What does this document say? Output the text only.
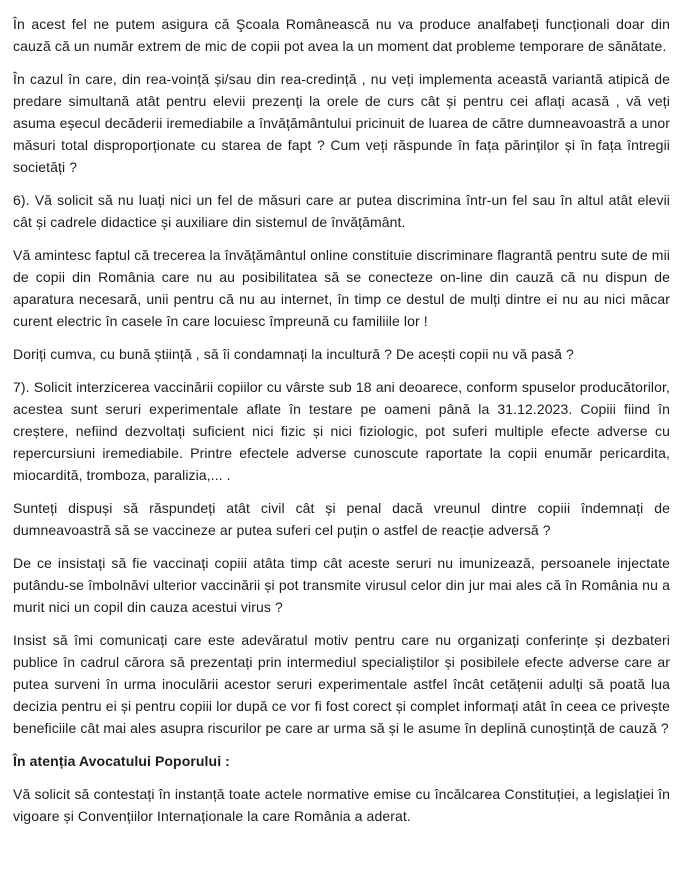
În acest fel ne putem asigura că Şcoala Românească nu va produce analfabeți funcționali doar din cauză că un număr extrem de mic de copii pot avea la un moment dat probleme temporare de sănătate.

În cazul în care, din rea-voință și/sau din rea-credință , nu veți implementa această variantă atipică de predare simultană atât pentru elevii prezenți la orele de curs cât și pentru cei aflați acasă , vă veți asuma eșecul decăderii iremediabile a învățământului pricinuit de luarea de către dumneavoastră a unor măsuri total disproporționate cu starea de fapt ? Cum veți răspunde în fața părinților și în fața întregii societăți ?

6). Vă solicit să nu luați nici un fel de măsuri care ar putea discrimina într-un fel sau în altul atât elevii cât și cadrele didactice și auxiliare din sistemul de învățământ.

Vă amintesc faptul că trecerea la învățământul online constituie discriminare flagrantă pentru sute de mii de copii din România care nu au posibilitatea să se conecteze on-line din cauză că nu dispun de aparatura necesară, unii pentru că nu au internet, în timp ce destul de mulți dintre ei nu au nici măcar curent electric în casele în care locuiesc împreună cu familiile lor !

Doriți cumva, cu bună știință , să îi condamnați la incultură ? De acești copii nu vă pasă ?

7). Solicit interzicerea vaccinării copiilor cu vârste sub 18 ani deoarece, conform spuselor producătorilor, acestea sunt seruri experimentale aflate în testare pe oameni până la 31.12.2023. Copiii fiind în creștere, nefiind dezvoltați suficient nici fizic și nici fiziologic, pot suferi multiple efecte adverse cu repercursiuni iremediabile. Printre efectele adverse cunoscute raportate la copii enumăr pericardita, miocardită, tromboza, paralizia,... .

Sunteți dispuși să răspundeți atât civil cât și penal dacă vreunul dintre copiii îndemnați de dumneavoastră să se vaccineze ar putea suferi cel puțin o astfel de reacție adversă ?

De ce insistați să fie vaccinați copiii atâta timp cât aceste seruri nu imunizează, persoanele injectate putându-se îmbolnăvi ulterior vaccinării și pot transmite virusul celor din jur mai ales că în România nu a murit nici un copil din cauza acestui virus ?

Insist să îmi comunicați care este adevăratul motiv pentru care nu organizați conferințe și dezbateri publice în cadrul cărora să prezentați prin intermediul specialiștilor și posibilele efecte adverse care ar putea surveni în urma inoculării acestor seruri experimentale astfel încât cetățenii adulți să poată lua decizia pentru ei și pentru copiii lor după ce vor fi fost corect și complet informați atât în ceea ce privește beneficiile cât mai ales asupra riscurilor pe care ar urma să și le asume în deplină cunoștință de cauză ?

În atenția Avocatului Poporului :

Vă solicit să contestați în instanță toate actele normative emise cu încălcarea Constituției, a legislației în vigoare și Convențiilor Internaționale la care România a aderat.
